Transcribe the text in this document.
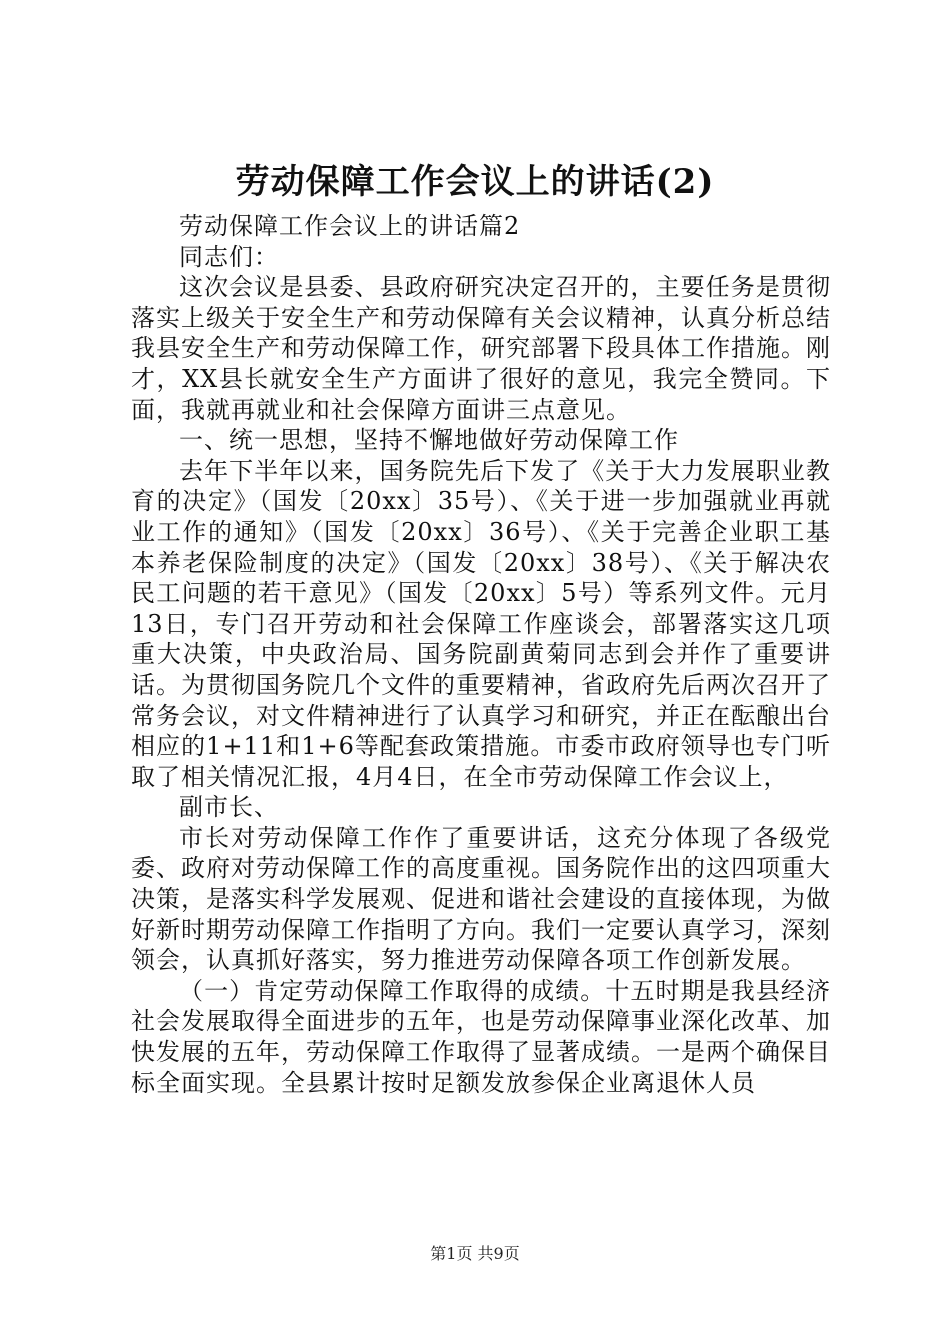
劳动保障工作会议上的讲话(2)

劳动保障工作会议上的讲话篇2

同志们：

这次会议是县委、县政府研究决定召开的，主要任务是贯彻落实上级关于安全生产和劳动保障有关会议精神，认真分析总结我县安全生产和劳动保障工作，研究部署下段具体工作措施。刚才，XX县长就安全生产方面讲了很好的意见，我完全赞同。下面，我就再就业和社会保障方面讲三点意见。

一、统一思想，坚持不懈地做好劳动保障工作

去年下半年以来，国务院先后下发了《关于大力发展职业教育的决定》（国发〔20xx〕35号）、《关于进一步加强就业再就业工作的通知》（国发〔20xx〕36号）、《关于完善企业职工基本养老保险制度的决定》（国发〔20xx〕38号）、《关于解决农民工问题的若干意见》（国发〔20xx〕5号）等系列文件。元月13日，专门召开劳动和社会保障工作座谈会，部署落实这几项重大决策，中央政治局、国务院副黄菊同志到会并作了重要讲话。为贯彻国务院几个文件的重要精神，省政府先后两次召开了常务会议，对文件精神进行了认真学习和研究，并正在酝酿出台相应的1+11和1+6等配套政策措施。市委市政府领导也专门听取了相关情况汇报，4月4日，在全市劳动保障工作会议上，

副市长、

市长对劳动保障工作作了重要讲话，这充分体现了各级党委、政府对劳动保障工作的高度重视。国务院作出的这四项重大决策，是落实科学发展观、促进和谐社会建设的直接体现，为做好新时期劳动保障工作指明了方向。我们一定要认真学习，深刻领会，认真抓好落实，努力推进劳动保障各项工作创新发展。

（一）肯定劳动保障工作取得的成绩。十五时期是我县经济社会发展取得全面进步的五年，也是劳动保障事业深化改革、加快发展的五年，劳动保障工作取得了显著成绩。一是两个确保目标全面实现。全县累计按时足额发放参保企业离退休人员

第1页 共9页
